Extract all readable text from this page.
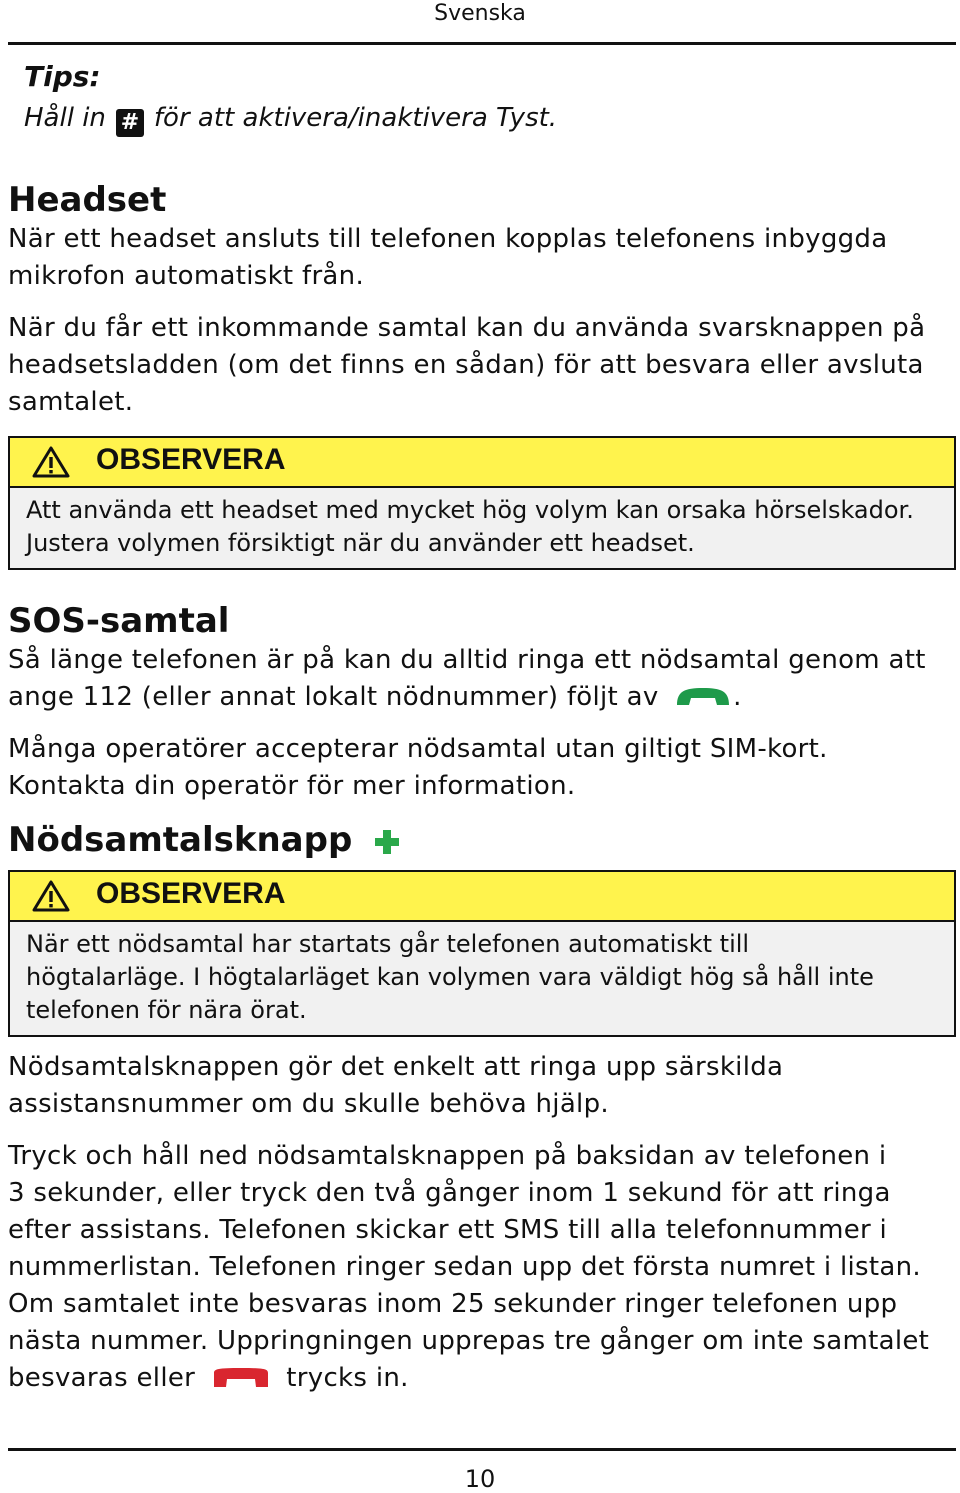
Svenska
Tips:
Håll in # för att aktivera/inaktivera Tyst.
Headset
När ett headset ansluts till telefonen kopplas telefonens inbyggda
mikrofon automatiskt från.
När du får ett inkommande samtal kan du använda svarsknappen på
headsetsladden (om det finns en sådan) för att besvara eller avsluta
samtalet.
OBSERVERA
Att använda ett headset med mycket hög volym kan orsaka hörselskador.
Justera volymen försiktigt när du använder ett headset.
SOS-samtal
Så länge telefonen är på kan du alltid ringa ett nödsamtal genom att
ange 112 (eller annat lokalt nödnummer) följt av	.
Många operatörer accepterar nödsamtal utan giltigt SIM-kort.
Kontakta din operatör för mer information.
Nödsamtalsknapp
OBSERVERA
När ett nödsamtal har startats går telefonen automatiskt till
högtalarläge. I högtalarläget kan volymen vara väldigt hög så håll inte
telefonen för nära örat.
Nödsamtalsknappen gör det enkelt att ringa upp särskilda
assistansnummer om du skulle behöva hjälp.
Tryck och håll ned nödsamtalsknappen på baksidan av telefonen i
3 sekunder, eller tryck den två gånger inom 1 sekund för att ringa
efter assistans. Telefonen skickar ett SMS till alla telefonnummer i
nummerlistan. Telefonen ringer sedan upp det första numret i listan.
Om samtalet inte besvaras inom 25 sekunder ringer telefonen upp
nästa nummer. Uppringningen upprepas tre gånger om inte samtalet
besvaras eller	trycks in.
10
